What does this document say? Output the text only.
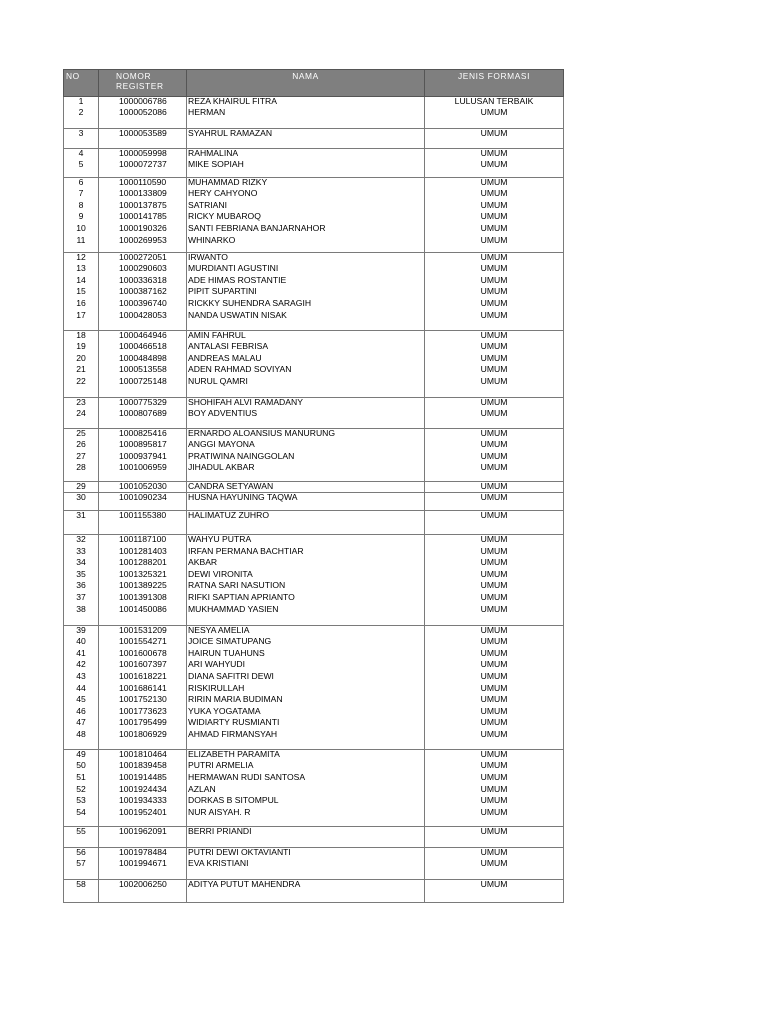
NO	NOMOR REGISTER	NAMA	JENIS FORMASI
1	1000006786	REZA KHAIRUL FITRA	LULUSAN TERBAIK
2	1000052086	HERMAN	UMUM
3	1000053589	SYAHRUL RAMAZAN	UMUM
4	1000059998	RAHMALINA	UMUM
5	1000072737	MIKE SOPIAH	UMUM
6	1000110590	MUHAMMAD RIZKY	UMUM
7	1000133809	HERY CAHYONO	UMUM
8	1000137875	SATRIANI	UMUM
9	1000141785	RICKY MUBAROQ	UMUM
10	1000190326	SANTI FEBRIANA BANJARNAHOR	UMUM
11	1000269953	WHINARKO	UMUM
12	1000272051	IRWANTO	UMUM
13	1000290603	MURDIANTI AGUSTINI	UMUM
14	1000336318	ADE HIMAS ROSTANTIE	UMUM
15	1000387162	PIPIT SUPARTINI	UMUM
16	1000396740	RICKKY SUHENDRA SARAGIH	UMUM
17	1000428053	NANDA USWATIN NISAK	UMUM
18	1000464946	AMIN FAHRUL	UMUM
19	1000466518	ANTALASI FEBRISA	UMUM
20	1000484898	ANDREAS MALAU	UMUM
21	1000513558	ADEN RAHMAD SOVIYAN	UMUM
22	1000725148	NURUL QAMRI	UMUM
23	1000775329	SHOHIFAH ALVI RAMADANY	UMUM
24	1000807689	BOY ADVENTIUS	UMUM
25	1000825416	ERNARDO ALOANSIUS MANURUNG	UMUM
26	1000895817	ANGGI MAYONA	UMUM
27	1000937941	PRATIWINA NAINGGOLAN	UMUM
28	1001006959	JIHADUL AKBAR	UMUM
29	1001052030	CANDRA SETYAWAN	UMUM
30	1001090234	HUSNA HAYUNING TAQWA	UMUM
31	1001155380	HALIMATUZ ZUHRO	UMUM
32	1001187100	WAHYU PUTRA	UMUM
33	1001281403	IRFAN PERMANA BACHTIAR	UMUM
34	1001288201	AKBAR	UMUM
35	1001325321	DEWI VIRONITA	UMUM
36	1001389225	RATNA SARI NASUTION	UMUM
37	1001391308	RIFKI SAPTIAN APRIANTO	UMUM
38	1001450086	MUKHAMMAD YASIEN	UMUM
39	1001531209	NESYA AMELIA	UMUM
40	1001554271	JOICE SIMATUPANG	UMUM
41	1001600678	HAIRUN TUAHUNS	UMUM
42	1001607397	ARI WAHYUDI	UMUM
43	1001618221	DIANA SAFITRI DEWI	UMUM
44	1001686141	RISKIRULLAH	UMUM
45	1001752130	RIRIN MARIA BUDIMAN	UMUM
46	1001773623	YUKA YOGATAMA	UMUM
47	1001795499	WIDIARTY RUSMIANTI	UMUM
48	1001806929	AHMAD FIRMANSYAH	UMUM
49	1001810464	ELIZABETH PARAMITA	UMUM
50	1001839458	PUTRI ARMELIA	UMUM
51	1001914485	HERMAWAN RUDI SANTOSA	UMUM
52	1001924434	AZLAN	UMUM
53	1001934333	DORKAS B SITOMPUL	UMUM
54	1001952401	NUR AISYAH. R	UMUM
55	1001962091	BERRI PRIANDI	UMUM
56	1001978484	PUTRI DEWI OKTAVIANTI	UMUM
57	1001994671	EVA KRISTIANI	UMUM
58	1002006250	ADITYA PUTUT MAHENDRA	UMUM
